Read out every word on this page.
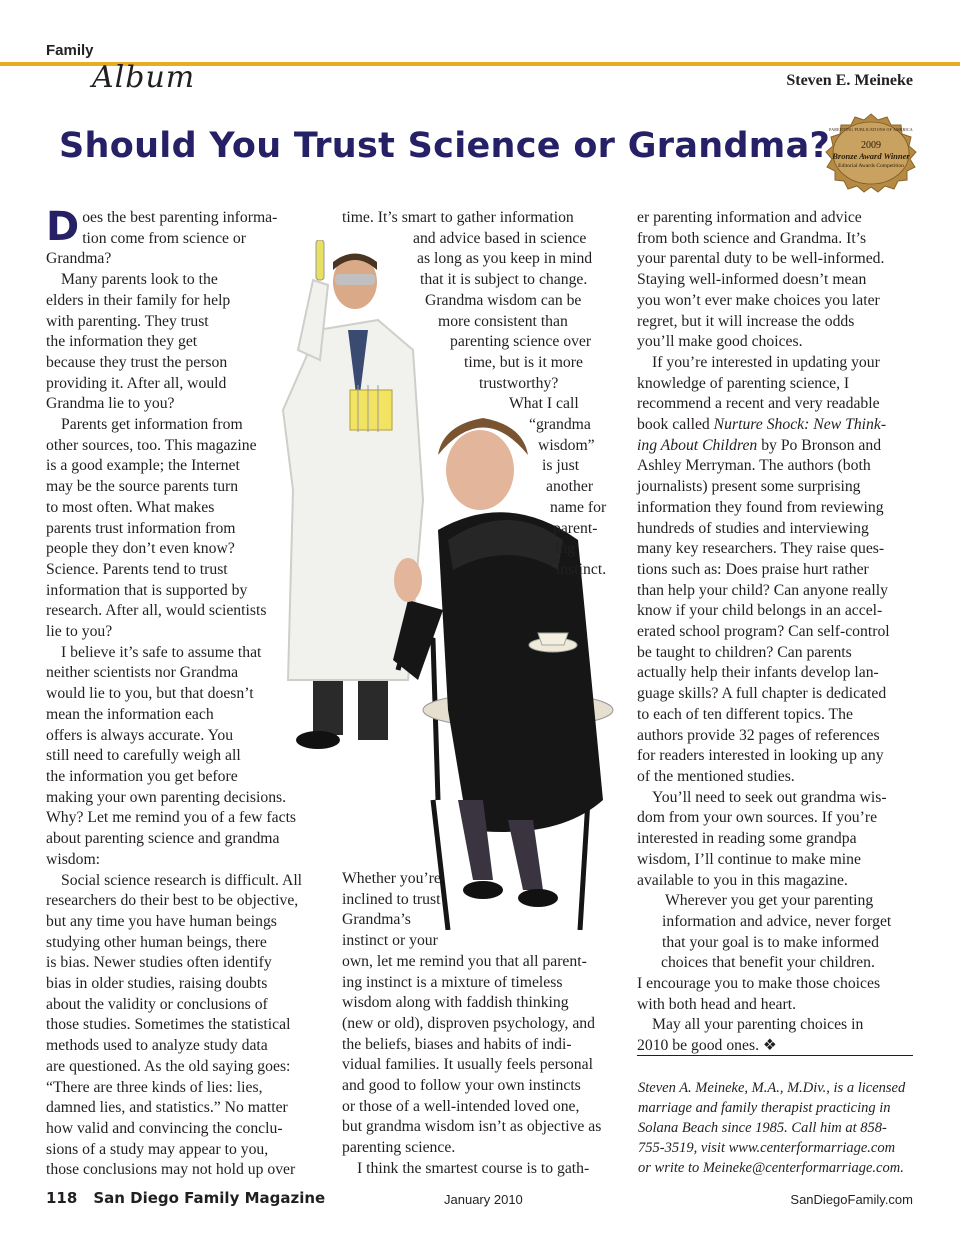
Family
Album	Steven E. Meineke
Should You Trust Science or Grandma? PARENTING PUBLICATIONS OF AMERICA
2009
Bronze Award Winner
Editorial Awards Competition
D oes the best parenting informa-
tion come from science or
Grandma?
Many parents look to the
elders in their family for help
with parenting. They trust
the information they get
because they trust the person
providing it. After all, would
Grandma lie to you?
Parents get information from
other sources, too. This magazine
is a good example; the Internet
may be the source parents turn
to most often. What makes
parents trust information from
people they don’t even know?
Science. Parents tend to trust
information that is supported by
research. After all, would scientists
lie to you?
I believe it’s safe to assume that
neither scientists nor Grandma
would lie to you, but that doesn’t
mean the information each
offers is always accurate. You
still need to carefully weigh all
the information you get before
making your own parenting decisions.
Why? Let me remind you of a few facts
about parenting science and grandma
wisdom:
Social science research is difficult. All
researchers do their best to be objective,
but any time you have human beings
studying other human beings, there
is bias. Newer studies often identify
bias in older studies, raising doubts
about the validity or conclusions of
those studies. Sometimes the statistical
methods used to analyze study data
are questioned. As the old saying goes:
“There are three kinds of lies: lies,
damned lies, and statistics.” No matter
how valid and convincing the conclu-
sions of a study may appear to you,
those conclusions may not hold up over
time. It’s smart to gather information
and advice based in science
as long as you keep in mind
that it is subject to change.
Grandma wisdom can be
more consistent than
parenting science over
time, but is it more
trustworthy?
What I call
“grandma
wisdom”
is just
another
name for
parent-
ing
instinct.
Whether you’re
inclined to trust
Grandma’s
instinct or your
own, let me remind you that all parent-
ing instinct is a mixture of timeless
wisdom along with faddish thinking
(new or old), disproven psychology, and
the beliefs, biases and habits of indi-
vidual families. It usually feels personal
and good to follow your own instincts
or those of a well-intended loved one,
but grandma wisdom isn’t as objective as
parenting science.
I think the smartest course is to gath-
er parenting information and advice
from both science and Grandma. It’s
your parental duty to be well-informed.
Staying well-informed doesn’t mean
you won’t ever make choices you later
regret, but it will increase the odds
you’ll make good choices.
If you’re interested in updating your
knowledge of parenting science, I
recommend a recent and very readable
book called Nurture Shock: New Think-
ing About Children by Po Bronson and
Ashley Merryman. The authors (both
journalists) present some surprising
information they found from reviewing
hundreds of studies and interviewing
many key researchers. They raise ques-
tions such as: Does praise hurt rather
than help your child? Can anyone really
know if your child belongs in an accel-
erated school program? Can self-control
be taught to children? Can parents
actually help their infants develop lan-
guage skills? A full chapter is dedicated
to each of ten different topics. The
authors provide 32 pages of references
for readers interested in looking up any
of the mentioned studies.
You’ll need to seek out grandma wis-
dom from your own sources. If you’re
interested in reading some grandpa
wisdom, I’ll continue to make mine
available to you in this magazine.
Wherever you get your parenting
information and advice, never forget
that your goal is to make informed
choices that benefit your children.
I encourage you to make those choices
with both head and heart.
May all your parenting choices in
2010 be good ones. ❖
Steven A. Meineke, M.A., M.Div., is a licensed
marriage and family therapist practicing in
Solana Beach since 1985. Call him at 858-
755-3519, visit www.centerformarriage.com
or write to Meineke@centerformarriage.com.
118 San Diego Family Magazine	January 2010	SanDiegoFamily.com
